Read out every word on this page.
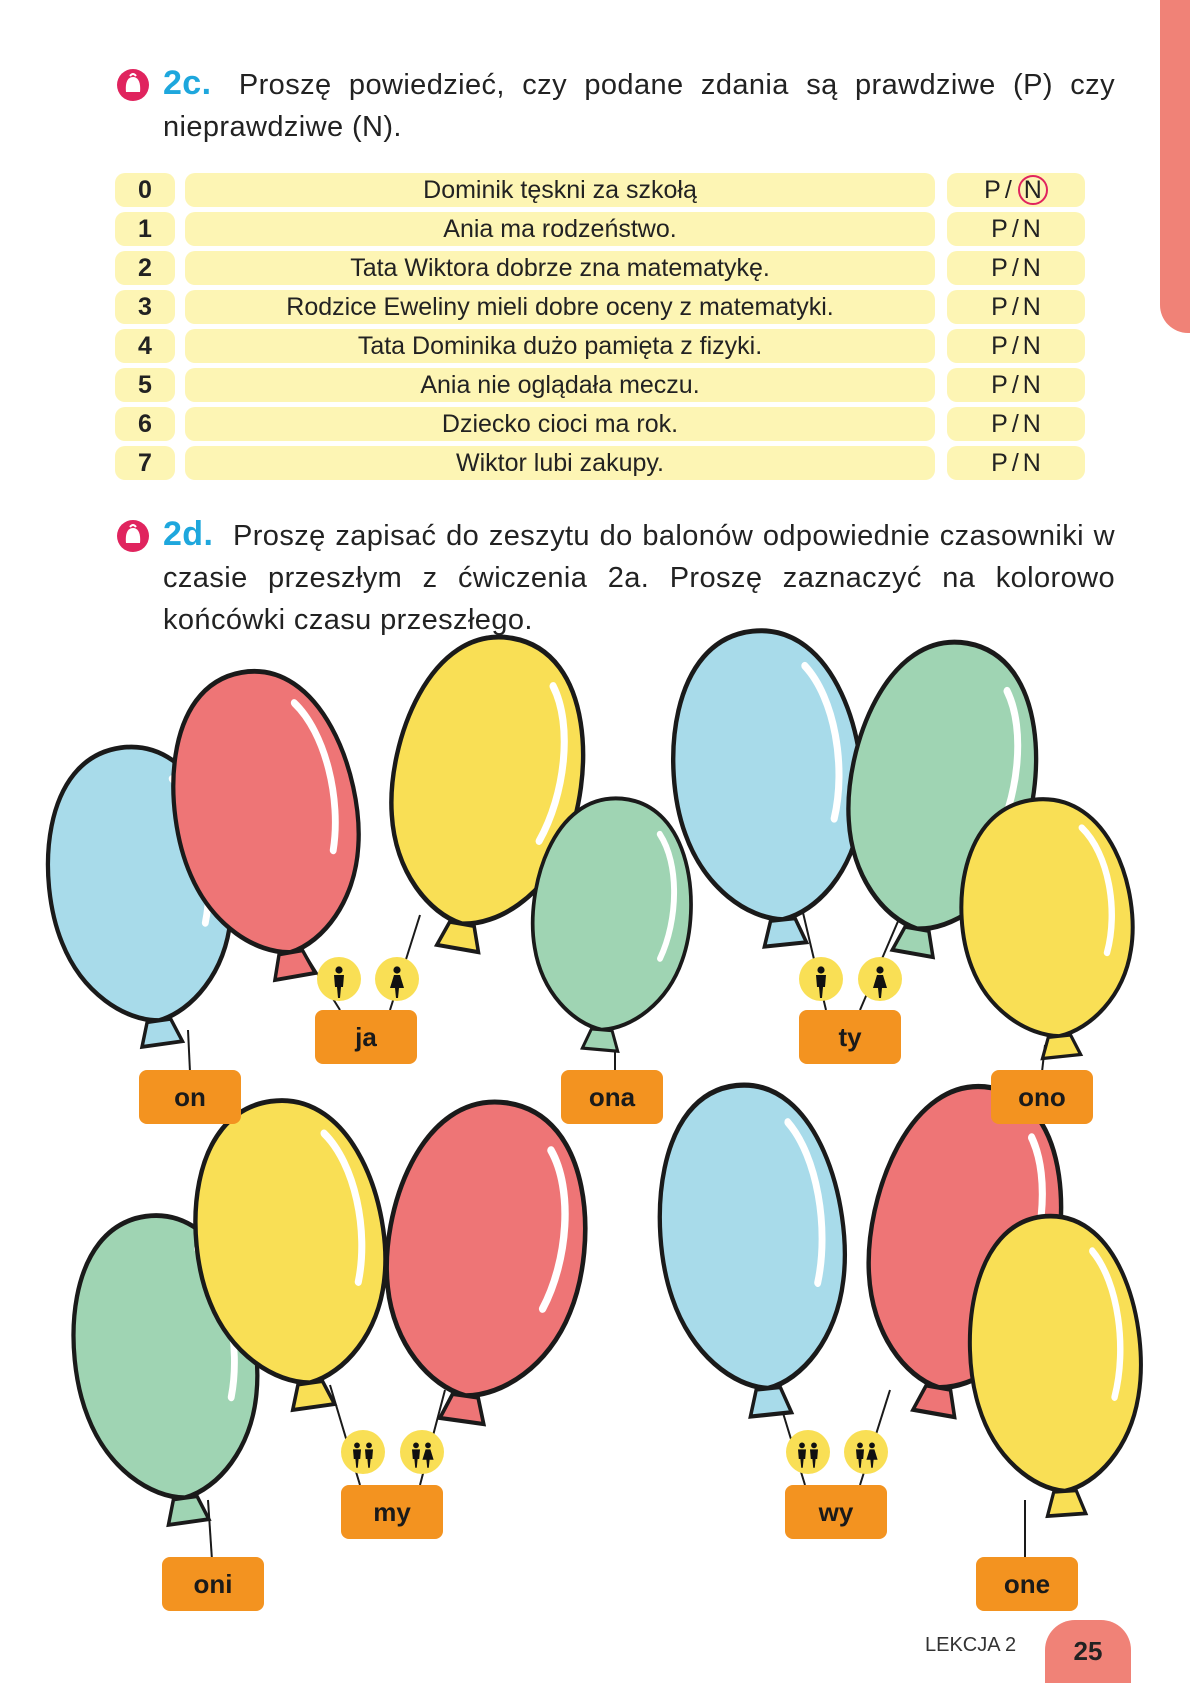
2c. Proszę powiedzieć, czy podane zdania są prawdziwe (P) czy nieprawdziwe (N).
0	Dominik tęskni za szkołą	P / N
1	Ania ma rodzeństwo.	P / N
2	Tata Wiktora dobrze zna matematykę.	P / N
3	Rodzice Eweliny mieli dobre oceny z matematyki.	P / N
4	Tata Dominika dużo pamięta z fizyki.	P / N
5	Ania nie oglądała meczu.	P / N
6	Dziecko cioci ma rok.	P / N
7	Wiktor lubi zakupy.	P / N
2d. Proszę zapisać do zeszytu do balonów odpowiednie czasowniki w czasie przeszłym z ćwiczenia 2a. Proszę zaznaczyć na kolorowo końcówki czasu przeszłego.
on
ja
ona
ty
ono
oni
my	wy
one
LEKCJA 2	25
